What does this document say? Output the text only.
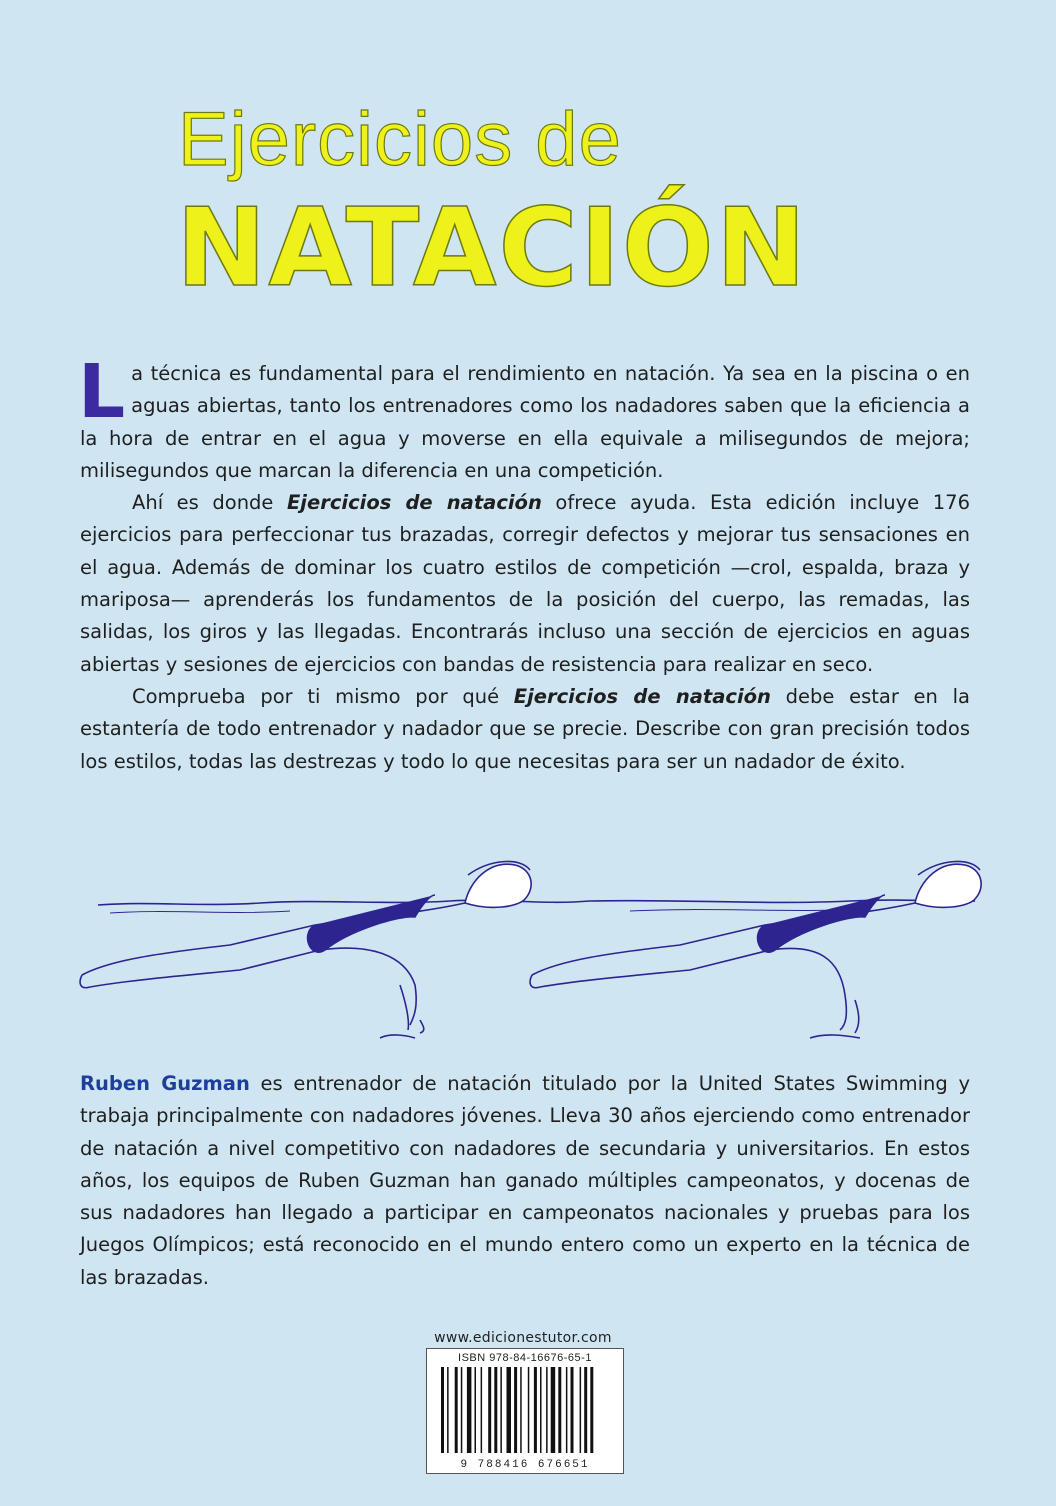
Ejercicios de
NATACIÓN

La técnica es fundamental para el rendimiento en natación. Ya sea en la piscina o en aguas abiertas, tanto los entrenadores como los nadadores saben que la eficiencia a la hora de entrar en el agua y moverse en ella equivale a milisegundos de mejora; milisegundos que marcan la diferencia en una competición.

Ahí es donde Ejercicios de natación ofrece ayuda. Esta edición incluye 176 ejercicios para perfeccionar tus brazadas, corregir defectos y mejorar tus sensaciones en el agua. Además de dominar los cuatro estilos de competición —crol, espalda, braza y mariposa— aprenderás los fundamentos de la posición del cuerpo, las remadas, las salidas, los giros y las llegadas. Encontrarás incluso una sección de ejercicios en aguas abiertas y sesiones de ejercicios con bandas de resistencia para realizar en seco.

Comprueba por ti mismo por qué Ejercicios de natación debe estar en la estantería de todo entrenador y nadador que se precie. Describe con gran precisión todos los estilos, todas las destrezas y todo lo que necesitas para ser un nadador de éxito.

Ruben Guzman es entrenador de natación titulado por la United States Swimming y trabaja principalmente con nadadores jóvenes. Lleva 30 años ejerciendo como entrenador de natación a nivel competitivo con nadadores de secundaria y universitarios. En estos años, los equipos de Ruben Guzman han ganado múltiples campeonatos, y docenas de sus nadadores han llegado a participar en campeonatos nacionales y pruebas para los Juegos Olímpicos; está reconocido en el mundo entero como un experto en la técnica de las brazadas.

www.edicionestutor.com
ISBN 978-84-16676-65-1
9 788416 676651
